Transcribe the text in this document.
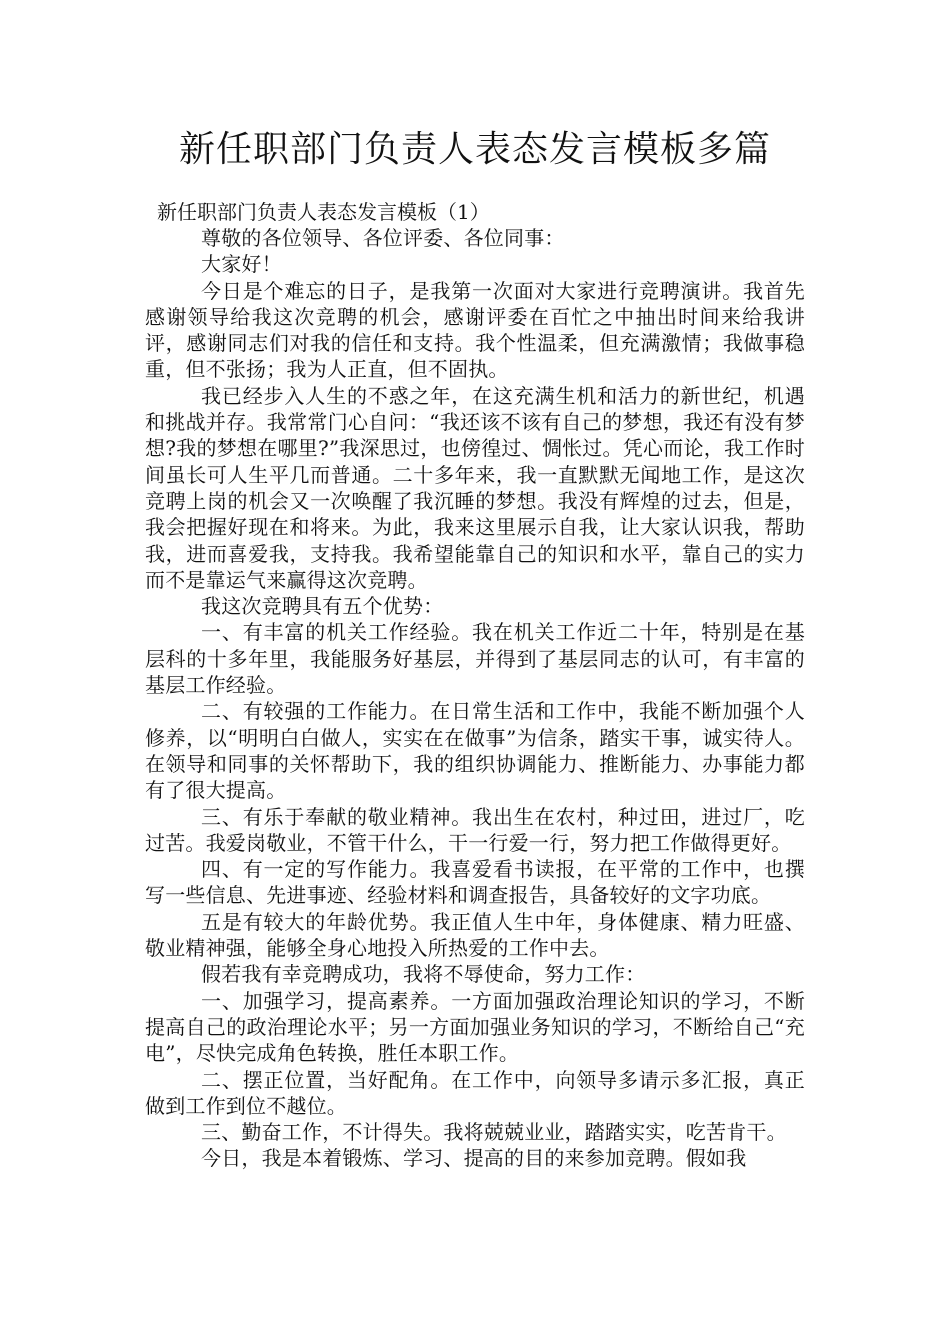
新任职部门负责人表态发言模板多篇
新任职部门负责人表态发言模板（1）

尊敬的各位领导、各位评委、各位同事：

大家好！

今日是个难忘的日子，是我第一次面对大家进行竞聘演讲。我首先感谢领导给我这次竞聘的机会，感谢评委在百忙之中抽出时间来给我讲评，感谢同志们对我的信任和支持。我个性温柔，但充满激情；我做事稳重，但不张扬；我为人正直，但不固执。

我已经步入人生的不惑之年，在这充满生机和活力的新世纪，机遇和挑战并存。我常常门心自问：“我还该不该有自己的梦想，我还有没有梦想?我的梦想在哪里?”我深思过，也傍徨过、惆怅过。凭心而论，我工作时间虽长可人生平几而普通。二十多年来，我一直默默无闻地工作，是这次竞聘上岗的机会又一次唤醒了我沉睡的梦想。我没有辉煌的过去，但是，我会把握好现在和将来。为此，我来这里展示自我，让大家认识我，帮助我，进而喜爱我，支持我。我希望能靠自己的知识和水平，靠自己的实力而不是靠运气来赢得这次竞聘。

我这次竞聘具有五个优势：

一、有丰富的机关工作经验。我在机关工作近二十年，特别是在基层科的十多年里，我能服务好基层，并得到了基层同志的认可，有丰富的基层工作经验。

二、有较强的工作能力。在日常生活和工作中，我能不断加强个人修养，以“明明白白做人，实实在在做事”为信条，踏实干事，诚实待人。在领导和同事的关怀帮助下，我的组织协调能力、推断能力、办事能力都有了很大提高。

三、有乐于奉献的敬业精神。我出生在农村，种过田，进过厂，吃过苦。我爱岗敬业，不管干什么，干一行爱一行，努力把工作做得更好。

四、有一定的写作能力。我喜爱看书读报，在平常的工作中，也撰写一些信息、先进事迹、经验材料和调查报告，具备较好的文字功底。

五是有较大的年龄优势。我正值人生中年，身体健康、精力旺盛、敬业精神强，能够全身心地投入所热爱的工作中去。

假若我有幸竞聘成功，我将不辱使命，努力工作：

一、加强学习，提高素养。一方面加强政治理论知识的学习，不断提高自己的政治理论水平；另一方面加强业务知识的学习，不断给自己“充电”，尽快完成角色转换，胜任本职工作。

二、摆正位置，当好配角。在工作中，向领导多请示多汇报，真正做到工作到位不越位。

三、勤奋工作，不计得失。我将兢兢业业，踏踏实实，吃苦肯干。

今日，我是本着锻炼、学习、提高的目的来参加竞聘。假如我
